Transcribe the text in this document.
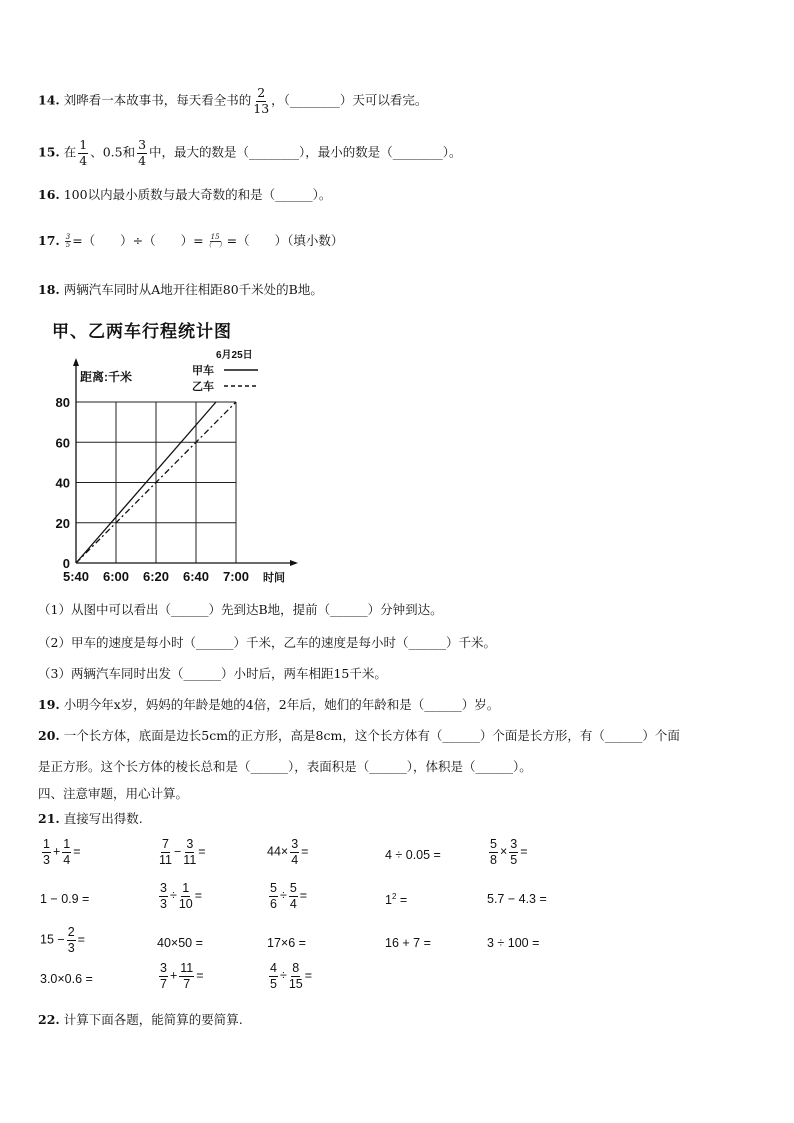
14. 刘晔看一本故事书，每天看全书的 $\frac{2}{13}$ ，（________）天可以看完。
15. 在 $\frac{1}{4}$ 、0.5和 $\frac{3}{4}$ 中，最大的数是（________），最小的数是（________）。
16. 100以内最小质数与最大奇数的和是（______）。
17. $\frac{3}{5}$ =（　　）÷（　　）= $\frac{15}{( )}$ =（　　）（填小数）
18. 两辆汽车同时从A地开往相距80千米处的B地。
甲、乙两车行程统计图
5:40 6:00 6:20 6:40 7:00
0
20
40
60
80
时间
距离:千米
6月25日
甲车
乙车
（1）从图中可以看出（______）先到达B地，提前（______）分钟到达。
（2）甲车的速度是每小时（______）千米，乙车的速度是每小时（______）千米。
（3）两辆汽车同时出发（______）小时后，两车相距15千米。
19. 小明今年x岁，妈妈的年龄是她的4倍，2年后，她们的年龄和是（______）岁。
20. 一个长方体，底面是边长5cm的正方形，高是8cm，这个长方体有（______）个面是长方形，有（______）个面
是正方形。这个长方体的棱长总和是（______），表面积是（______），体积是（______）。
四、注意审题，用心计算。
21. 直接写出得数.
$\frac{1}{3} + \frac{1}{4}$ =	$\frac{7}{11} - \frac{3}{11}$ =	$44\times \frac{3}{4}$ =	4 ÷ 0.05 =	$\frac{5}{8} \times \frac{3}{5}$ =
1 − 0.9 =	$\frac{3}{3} \div \frac{1}{10}$ =	$\frac{5}{6} \div \frac{5}{4}$ =	$1^2$ =	5.7 − 4.3 =
$15 - \frac{2}{3}$ =	40×50 =	17×6 =	16 + 7 =	3 ÷ 100 =
3.0×0.6 =	$\frac{3}{7} + \frac{11}{7}$ =	$\frac{4}{5} \div \frac{8}{15}$ =
22. 计算下面各题，能简算的要简算.
